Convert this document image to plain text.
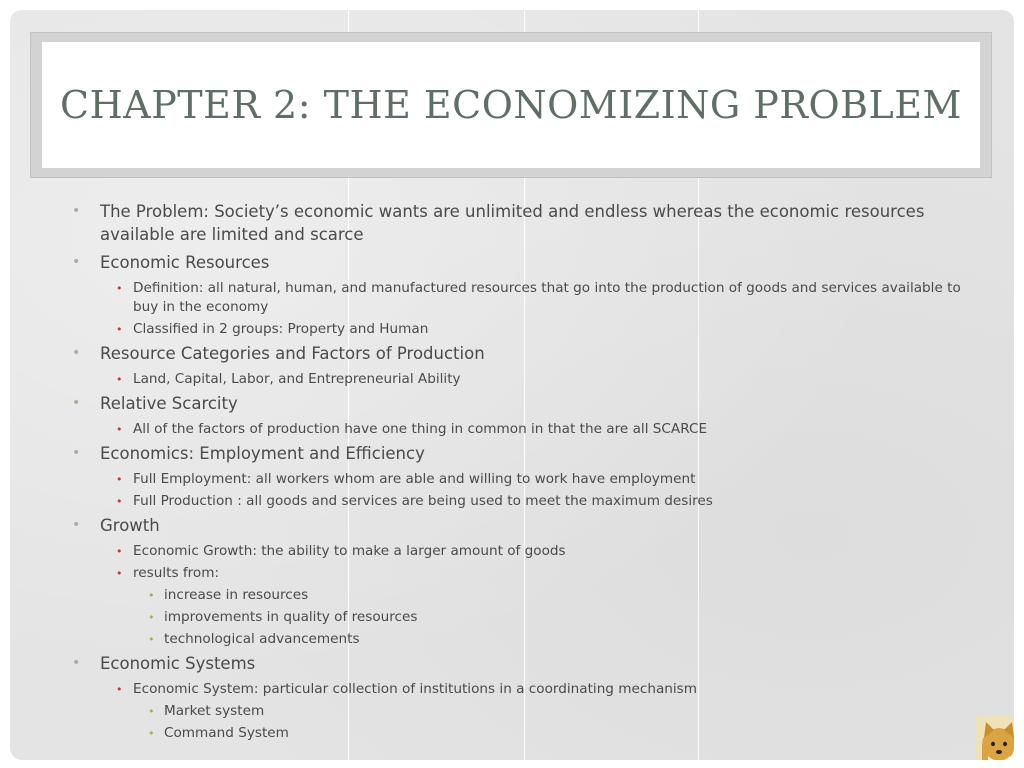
CHAPTER 2: THE ECONOMIZING PROBLEM
• The Problem: Society’s economic wants are unlimited and endless whereas the economic resources available are limited and scarce
• Economic Resources
• Definition: all natural, human, and manufactured resources that go into the production of goods and services available to buy in the economy
• Classified in 2 groups: Property and Human
• Resource Categories and Factors of Production
• Land, Capital, Labor, and Entrepreneurial Ability
• Relative Scarcity
• All of the factors of production have one thing in common in that the are all SCARCE
• Economics: Employment and Efficiency
• Full Employment: all workers whom are able and willing to work have employment
• Full Production : all goods and services are being used to meet the maximum desires
• Growth
• Economic Growth: the ability to make a larger amount of goods
• results from:
• increase in resources
• improvements in quality of resources
• technological advancements
• Economic Systems
• Economic System: particular collection of institutions in a coordinating mechanism
• Market system
• Command System
